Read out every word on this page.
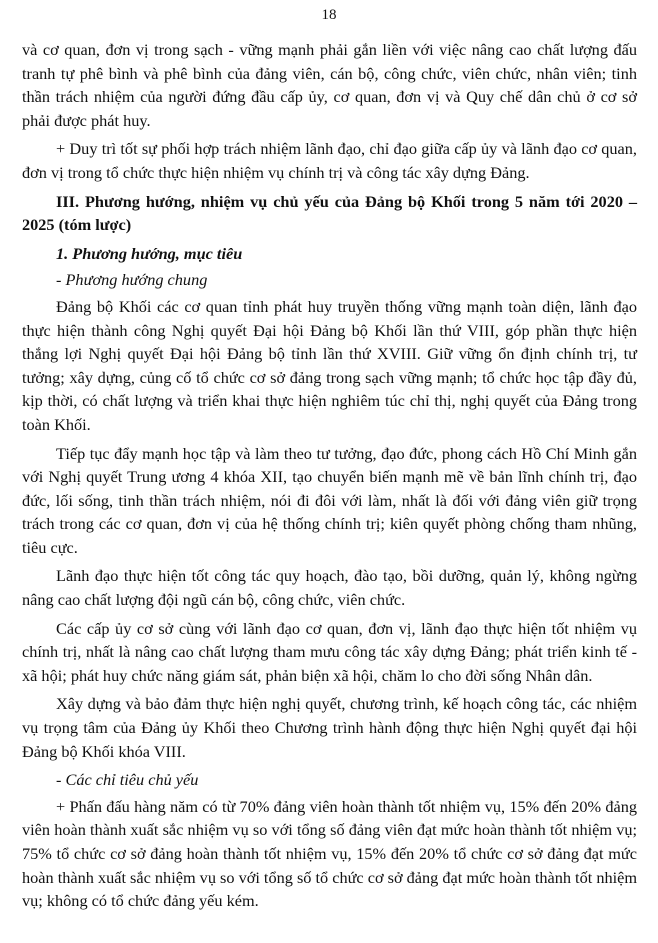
18

và cơ quan, đơn vị trong sạch - vững mạnh phải gắn liền với việc nâng cao chất lượng đấu tranh tự phê bình và phê bình của đảng viên, cán bộ, công chức, viên chức, nhân viên; tinh thần trách nhiệm của người đứng đầu cấp ủy, cơ quan, đơn vị và Quy chế dân chủ ở cơ sở phải được phát huy.

+ Duy trì tốt sự phối hợp trách nhiệm lãnh đạo, chỉ đạo giữa cấp ủy và lãnh đạo cơ quan, đơn vị trong tổ chức thực hiện nhiệm vụ chính trị và công tác xây dựng Đảng.

III. Phương hướng, nhiệm vụ chủ yếu của Đảng bộ Khối trong 5 năm tới 2020 – 2025 (tóm lược)
1. Phương hướng, mục tiêu
- Phương hướng chung

Đảng bộ Khối các cơ quan tỉnh phát huy truyền thống vững mạnh toàn diện, lãnh đạo thực hiện thành công Nghị quyết Đại hội Đảng bộ Khối lần thứ VIII, góp phần thực hiện thắng lợi Nghị quyết Đại hội Đảng bộ tỉnh lần thứ XVIII. Giữ vững ổn định chính trị, tư tưởng; xây dựng, củng cố tổ chức cơ sở đảng trong sạch vững mạnh; tổ chức học tập đầy đủ, kịp thời, có chất lượng và triển khai thực hiện nghiêm túc chỉ thị, nghị quyết của Đảng trong toàn Khối.

Tiếp tục đẩy mạnh học tập và làm theo tư tưởng, đạo đức, phong cách Hồ Chí Minh gắn với Nghị quyết Trung ương 4 khóa XII, tạo chuyển biến mạnh mẽ về bản lĩnh chính trị, đạo đức, lối sống, tinh thần trách nhiệm, nói đi đôi với làm, nhất là đối với đảng viên giữ trọng trách trong các cơ quan, đơn vị của hệ thống chính trị; kiên quyết phòng chống tham nhũng, tiêu cực.

Lãnh đạo thực hiện tốt công tác quy hoạch, đào tạo, bồi dưỡng, quản lý, không ngừng nâng cao chất lượng đội ngũ cán bộ, công chức, viên chức.

Các cấp ủy cơ sở cùng với lãnh đạo cơ quan, đơn vị, lãnh đạo thực hiện tốt nhiệm vụ chính trị, nhất là nâng cao chất lượng tham mưu công tác xây dựng Đảng; phát triển kinh tế - xã hội; phát huy chức năng giám sát, phản biện xã hội, chăm lo cho đời sống Nhân dân.

Xây dựng và bảo đảm thực hiện nghị quyết, chương trình, kế hoạch công tác, các nhiệm vụ trọng tâm của Đảng ủy Khối theo Chương trình hành động thực hiện Nghị quyết đại hội Đảng bộ Khối khóa VIII.

- Các chỉ tiêu chủ yếu

+ Phấn đấu hàng năm có từ 70% đảng viên hoàn thành tốt nhiệm vụ, 15% đến 20% đảng viên hoàn thành xuất sắc nhiệm vụ so với tổng số đảng viên đạt mức hoàn thành tốt nhiệm vụ; 75% tổ chức cơ sở đảng hoàn thành tốt nhiệm vụ, 15% đến 20% tổ chức cơ sở đảng đạt mức hoàn thành xuất sắc nhiệm vụ so với tổng số tổ chức cơ sở đảng đạt mức hoàn thành tốt nhiệm vụ; không có tổ chức đảng yếu kém.
